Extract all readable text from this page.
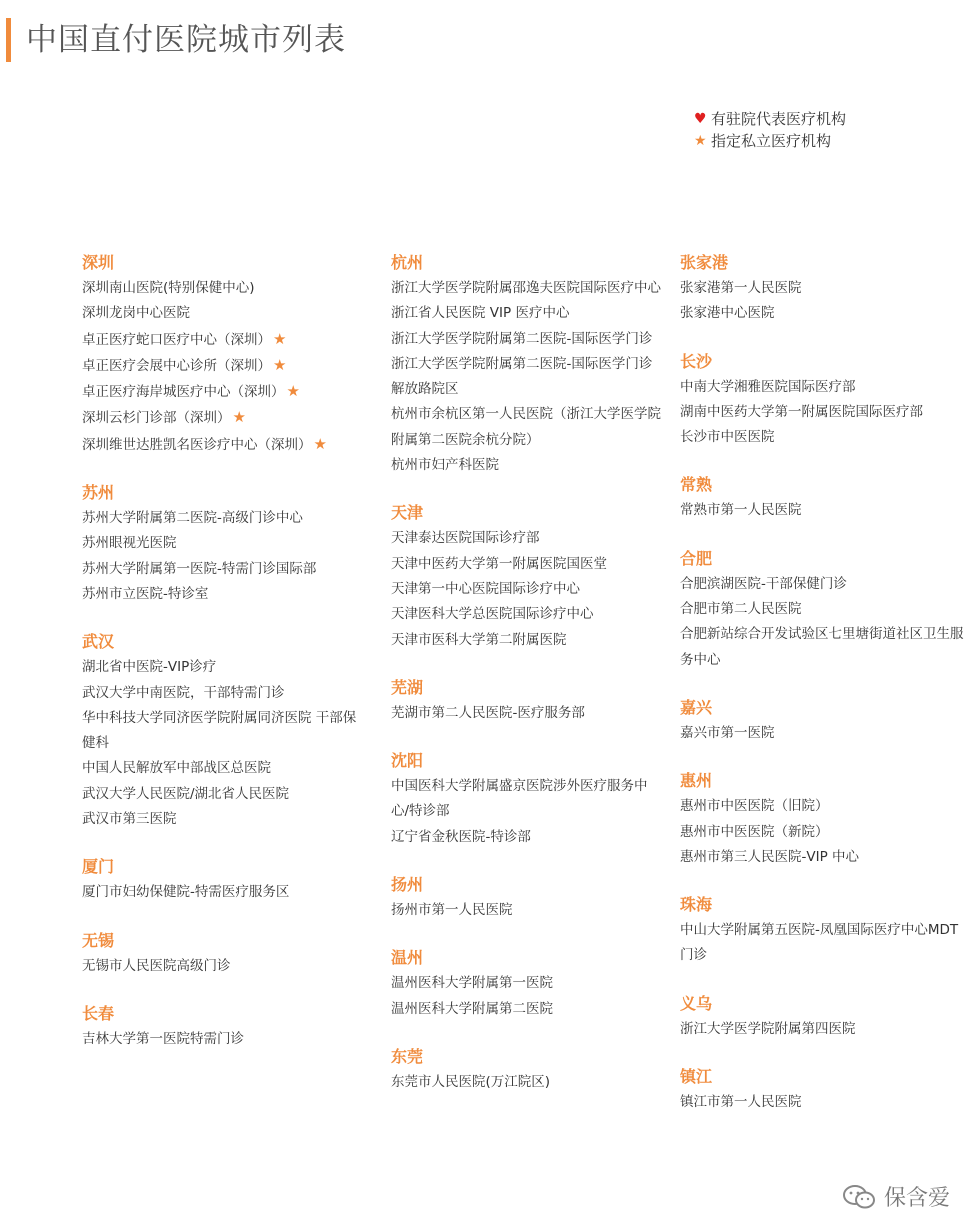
中国直付医院城市列表
♥ 有驻院代表医疗机构
★ 指定私立医疗机构
深圳
深圳南山医院(特别保健中心)
深圳龙岗中心医院
卓正医疗蛇口医疗中心（深圳） ★
卓正医疗会展中心诊所（深圳） ★
卓正医疗海岸城医疗中心（深圳） ★
深圳云杉门诊部（深圳） ★
深圳维世达胜凯名医诊疗中心（深圳） ★
苏州
苏州大学附属第二医院-高级门诊中心
苏州眼视光医院
苏州大学附属第一医院-特需门诊国际部
苏州市立医院-特诊室
武汉
湖北省中医院-VIP诊疗
武汉大学中南医院，干部特需门诊
华中科技大学同济医学院附属同济医院 干部保健科
中国人民解放军中部战区总医院
武汉大学人民医院/湖北省人民医院
武汉市第三医院
厦门
厦门市妇幼保健院-特需医疗服务区
无锡
无锡市人民医院高级门诊
长春
吉林大学第一医院特需门诊
杭州
浙江大学医学院附属邵逸夫医院国际医疗中心
浙江省人民医院 VIP 医疗中心
浙江大学医学院附属第二医院-国际医学门诊
浙江大学医学院附属第二医院-国际医学门诊解放路院区
杭州市余杭区第一人民医院（浙江大学医学院附属第二医院余杭分院）
杭州市妇产科医院
天津
天津泰达医院国际诊疗部
天津中医药大学第一附属医院国医堂
天津第一中心医院国际诊疗中心
天津医科大学总医院国际诊疗中心
天津市医科大学第二附属医院
芜湖
芜湖市第二人民医院-医疗服务部
沈阳
中国医科大学附属盛京医院涉外医疗服务中心/特诊部
辽宁省金秋医院-特诊部
扬州
扬州市第一人民医院
温州
温州医科大学附属第一医院
温州医科大学附属第二医院
东莞
东莞市人民医院(万江院区)
张家港
张家港第一人民医院
张家港中心医院
长沙
中南大学湘雅医院国际医疗部
湖南中医药大学第一附属医院国际医疗部
长沙市中医医院
常熟
常熟市第一人民医院
合肥
合肥滨湖医院-干部保健门诊
合肥市第二人民医院
合肥新站综合开发试验区七里塘街道社区卫生服务中心
嘉兴
嘉兴市第一医院
惠州
惠州市中医医院（旧院）
惠州市中医医院（新院）
惠州市第三人民医院-VIP 中心
珠海
中山大学附属第五医院-凤凰国际医疗中心MDT门诊
义乌
浙江大学医学院附属第四医院
镇江
镇江市第一人民医院
保含爱
